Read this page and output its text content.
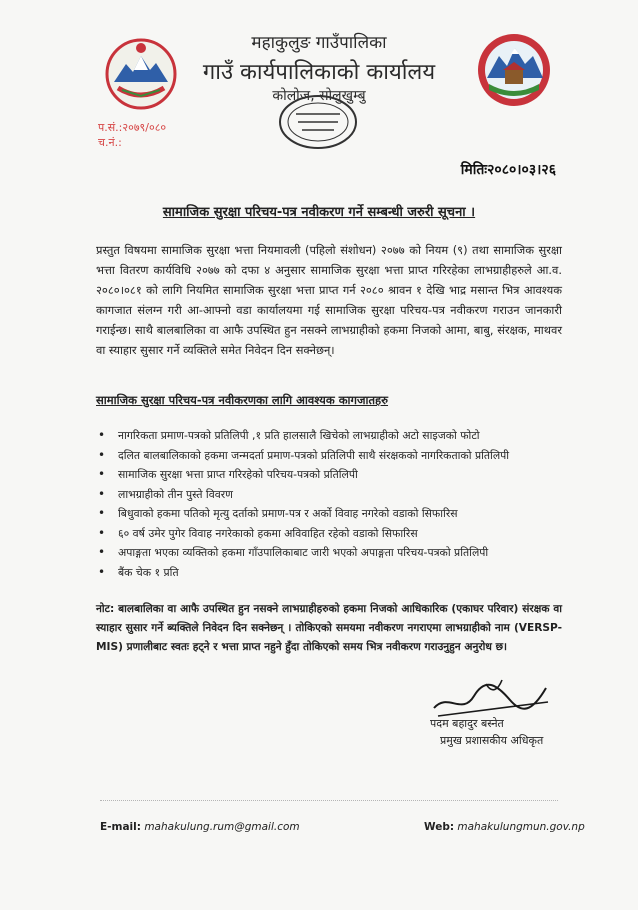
महाकुलुङ गाउँपालिका
गाउँ कार्यपालिकाको कार्यालय
कोलोज, सोलुखुम्बु
प.सं.:२०७९/०८०
च.नं.:
मितिः२०८०।०३।२६
सामाजिक सुरक्षा परिचय-पत्र नवीकरण गर्ने सम्बन्धी जरुरी सूचना ।
प्रस्तुत विषयमा सामाजिक सुरक्षा भत्ता नियमावली (पहिलो संशोधन) २०७७ को नियम (९) तथा सामाजिक सुरक्षा भत्ता वितरण कार्यविधि २०७७ को दफा ४ अनुसार सामाजिक सुरक्षा भत्ता प्राप्त गरिरहेका लाभग्राहीहरुले आ.व. २०८०।०८१ को लागि नियमित सामाजिक सुरक्षा भत्ता प्राप्त गर्न २०८० श्रावन १ देखि भाद्र मसान्त भित्र आवश्यक कागजात संलग्न गरी आ-आफ्नो वडा कार्यालयमा गई सामाजिक सुरक्षा परिचय-पत्र नवीकरण गराउन जानकारी गराईन्छ। साथै बालबालिका वा आफै उपस्थित हुन नसक्ने लाभग्राहीको हकमा निजको आमा, बाबु, संरक्षक, माथवर वा स्याहार सुसार गर्ने व्यक्तिले समेत निवेदन दिन सक्नेछन्।
सामाजिक सुरक्षा परिचय-पत्र नवीकरणका लागि आवश्यक कागजातहरु
• नागरिकता प्रमाण-पत्रको प्रतिलिपी ,१ प्रति हालसालै खिचेको लाभग्राहीको अटो साइजको फोटो
• दलित बालबालिकाको हकमा जन्मदर्ता प्रमाण-पत्रको प्रतिलिपी साथै संरक्षकको नागरिकताको प्रतिलिपी
• सामाजिक सुरक्षा भत्ता प्राप्त गरिरहेको परिचय-पत्रको प्रतिलिपी
• लाभग्राहीको तीन पुस्ते विवरण
• बिधुवाको हकमा पतिको मृत्यु दर्ताको प्रमाण-पत्र र अर्को विवाह नगरेको वडाको सिफारिस
• ६० वर्ष उमेर पुगेर विवाह नगरेकाको हकमा अविवाहित रहेको वडाको सिफारिस
• अपाङ्गता भएका व्यक्तिको हकमा गाँउपालिकाबाट जारी भएको अपाङ्गता परिचय-पत्रको प्रतिलिपी
• बैंक चेक १ प्रति
नोट: बालबालिका वा आफै उपस्थित हुन नसक्ने लाभग्राहीहरुको हकमा निजको आधिकारिक (एकाघर परिवार) संरक्षक वा स्याहार सुसार गर्ने ब्यक्तिले निवेदन दिन सक्नेछन् । तोकिएको समयमा नवीकरण नगराएमा लाभग्राहीको नाम (VERSP-MIS) प्रणालीबाट स्वतः हट्ने र भत्ता प्राप्त नहुने हुँदा तोकिएको समय भित्र नवीकरण गराउनुहुन अनुरोध छ।
पदम बहादुर बस्नेत
प्रमुख प्रशासकीय अधिकृत
E-mail: mahakulung.rum@gmail.com	Web: mahakulungmun.gov.np
